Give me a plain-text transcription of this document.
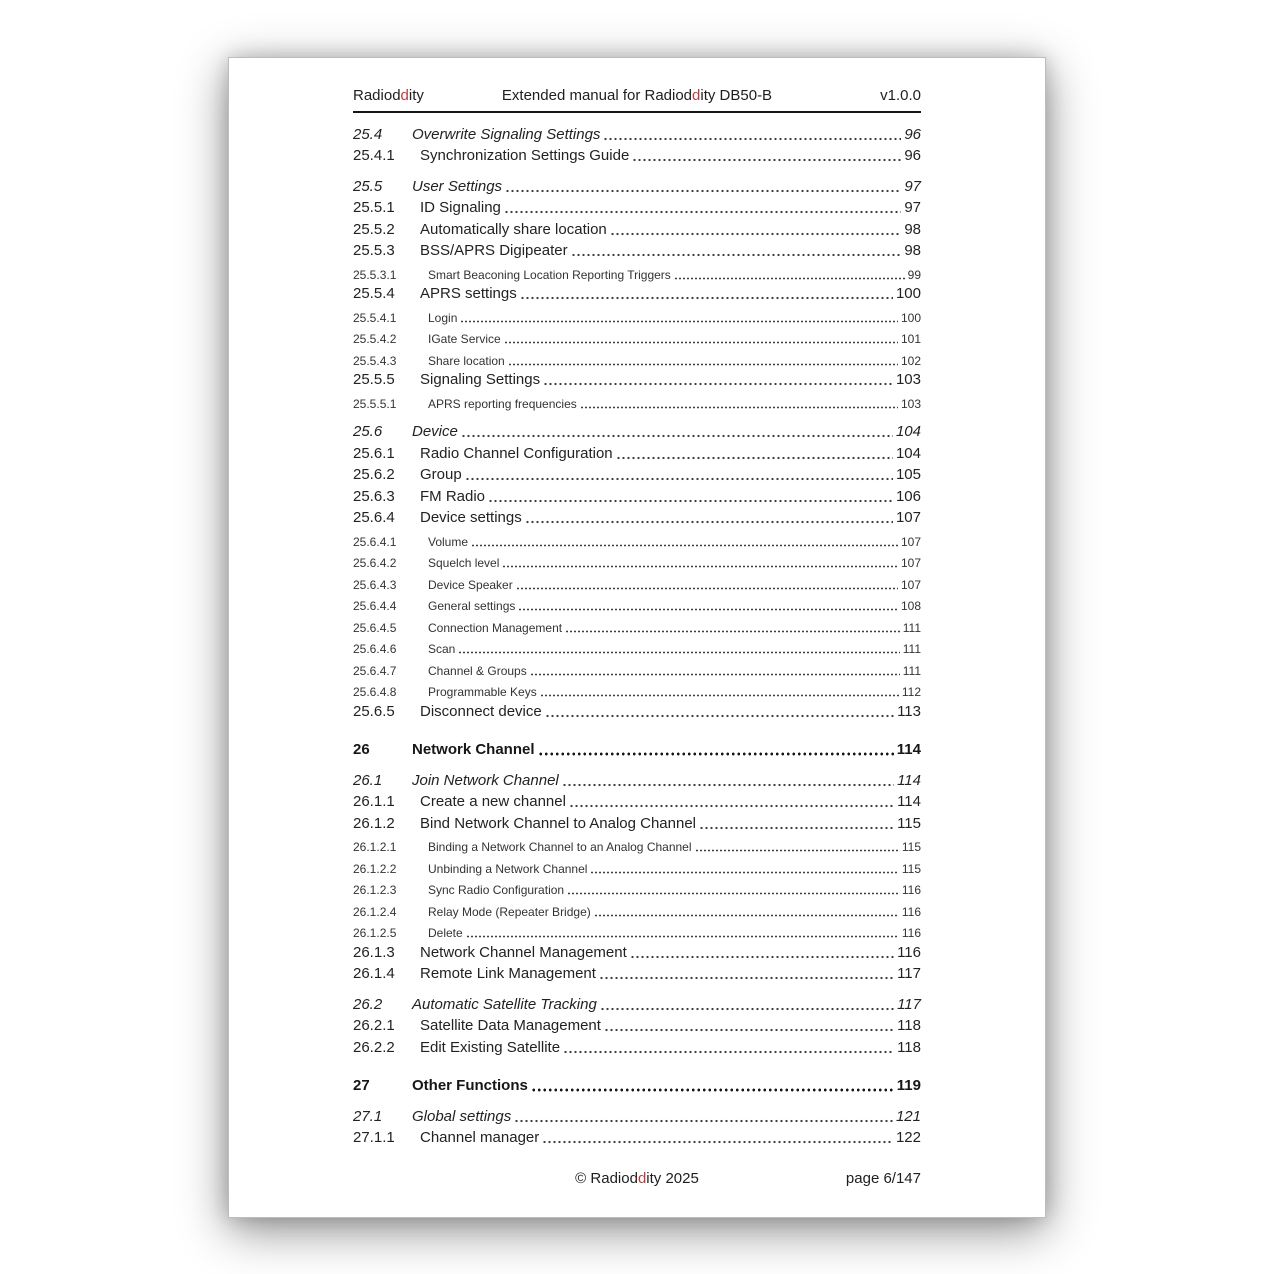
Radioddity	Extended manual for Radioddity DB50-B	v1.0.0
25.4	Overwrite Signaling Settings	96
25.4.1	Synchronization Settings Guide	96
25.5	User Settings	97
25.5.1	ID Signaling	97
25.5.2	Automatically share location	98
25.5.3	BSS/APRS Digipeater	98
25.5.3.1	Smart Beaconing Location Reporting Triggers	99
25.5.4	APRS settings	100
25.5.4.1	Login	100
25.5.4.2	IGate Service	101
25.5.4.3	Share location	102
25.5.5	Signaling Settings	103
25.5.5.1	APRS reporting frequencies	103
25.6	Device	104
25.6.1	Radio Channel Configuration	104
25.6.2	Group	105
25.6.3	FM Radio	106
25.6.4	Device settings	107
25.6.4.1	Volume	107
25.6.4.2	Squelch level	107
25.6.4.3	Device Speaker	107
25.6.4.4	General settings	108
25.6.4.5	Connection Management	111
25.6.4.6	Scan	111
25.6.4.7	Channel & Groups	111
25.6.4.8	Programmable Keys	112
25.6.5	Disconnect device	113
26	Network Channel	114
26.1	Join Network Channel	114
26.1.1	Create a new channel	114
26.1.2	Bind Network Channel to Analog Channel	115
26.1.2.1	Binding a Network Channel to an Analog Channel	115
26.1.2.2	Unbinding a Network Channel	115
26.1.2.3	Sync Radio Configuration	116
26.1.2.4	Relay Mode (Repeater Bridge)	116
26.1.2.5	Delete	116
26.1.3	Network Channel Management	116
26.1.4	Remote Link Management	117
26.2	Automatic Satellite Tracking	117
26.2.1	Satellite Data Management	118
26.2.2	Edit Existing Satellite	118
27	Other Functions	119
27.1	Global settings	121
27.1.1	Channel manager	122
© Radioddity 2025	page 6/147
